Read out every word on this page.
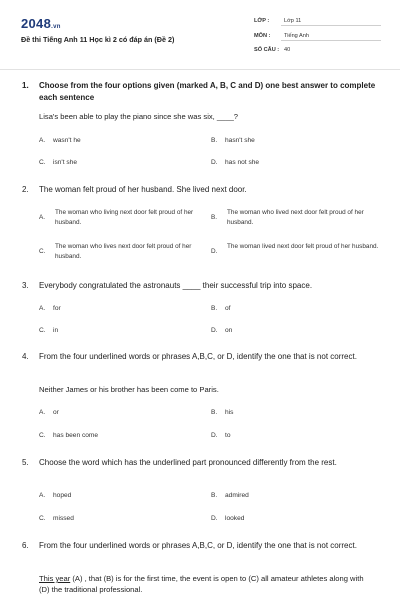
2048.vn
Đề thi Tiếng Anh 11 Học kì 2 có đáp án (Đề 2)
LỚP :	Lớp 11
MÔN : Tiếng Anh
SỐ CÂU : 40
1. Choose from the four options given (marked A, B, C and D) one best answer to complete each sentence
Lisa's been able to play the piano since she was six, ____?
A. wasn't he	B. hasn't she
C. isn't she	D. has not she
2. The woman felt proud of her husband. She lived next door.
A.
The woman who living next door felt proud of her husband.
B.
The woman who lived next door felt proud of her husband.
C.
The woman who lives next door felt proud of her husband.
D.
The woman lived next door felt proud of her husband.
3. Everybody congratulated the astronauts ____ their successful trip into space.
A. for	B. of
C. in	D. on
4. From the four underlined words or phrases A,B,C, or D, identify the one that is not correct.
Neither James or his brother has been come to Paris.
A. or	B. his
C. has been come	D. to
5. Choose the word which has the underlined part pronounced differently from the rest.
A. hoped	B. admired
C. missed	D. looked
6. From the four underlined words or phrases A,B,C, or D, identify the one that is not correct.
This year (A) , that (B) is for the first time, the event is open to (C) all amateur athletes along with (D) the traditional professional.
